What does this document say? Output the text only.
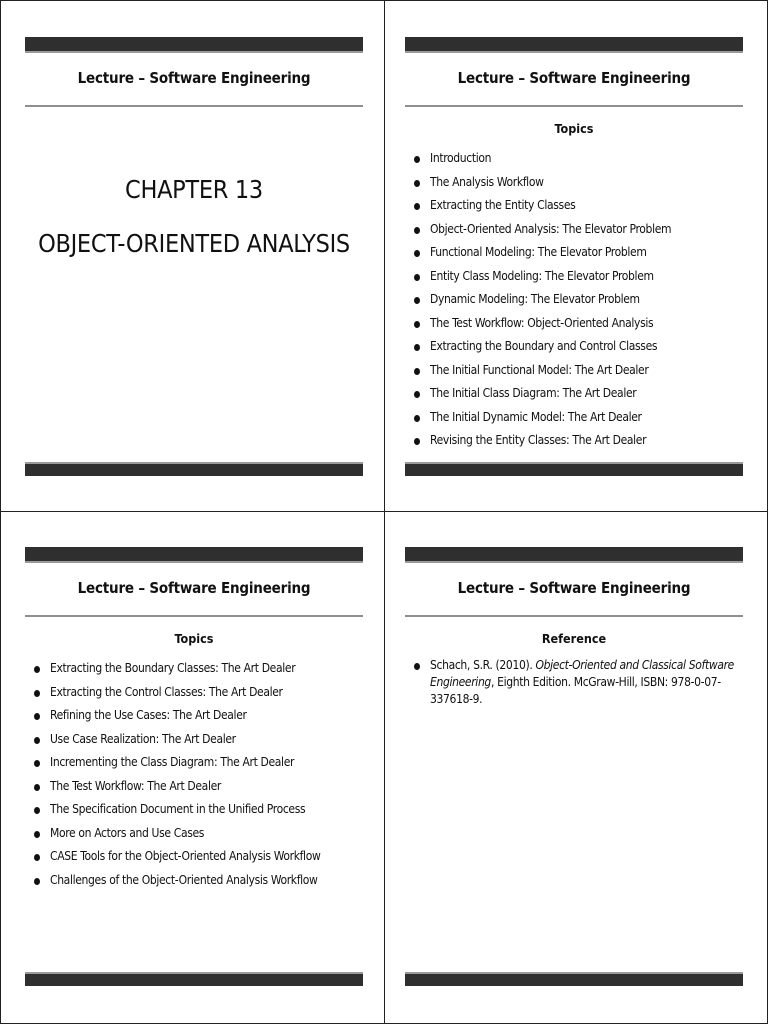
Lecture – Software Engineering
CHAPTER 13
OBJECT-ORIENTED ANALYSIS
Lecture – Software Engineering
Topics
Introduction
The Analysis Workflow
Extracting the Entity Classes
Object-Oriented Analysis: The Elevator Problem
Functional Modeling: The Elevator Problem
Entity Class Modeling: The Elevator Problem
Dynamic Modeling: The Elevator Problem
The Test Workflow: Object-Oriented Analysis
Extracting the Boundary and Control Classes
The Initial Functional Model: The Art Dealer
The Initial Class Diagram: The Art Dealer
The Initial Dynamic Model: The Art Dealer
Revising the Entity Classes: The Art Dealer
Lecture – Software Engineering
Topics
Extracting the Boundary Classes: The Art Dealer
Extracting the Control Classes: The Art Dealer
Refining the Use Cases: The Art Dealer
Use Case Realization: The Art Dealer
Incrementing the Class Diagram: The Art Dealer
The Test Workflow: The Art Dealer
The Specification Document in the Unified Process
More on Actors and Use Cases
CASE Tools for the Object-Oriented Analysis Workflow
Challenges of the Object-Oriented Analysis Workflow
Lecture – Software Engineering
Reference
Schach, S.R. (2010). Object-Oriented and Classical Software Engineering, Eighth Edition. McGraw-Hill, ISBN: 978-0-07-337618-9.
